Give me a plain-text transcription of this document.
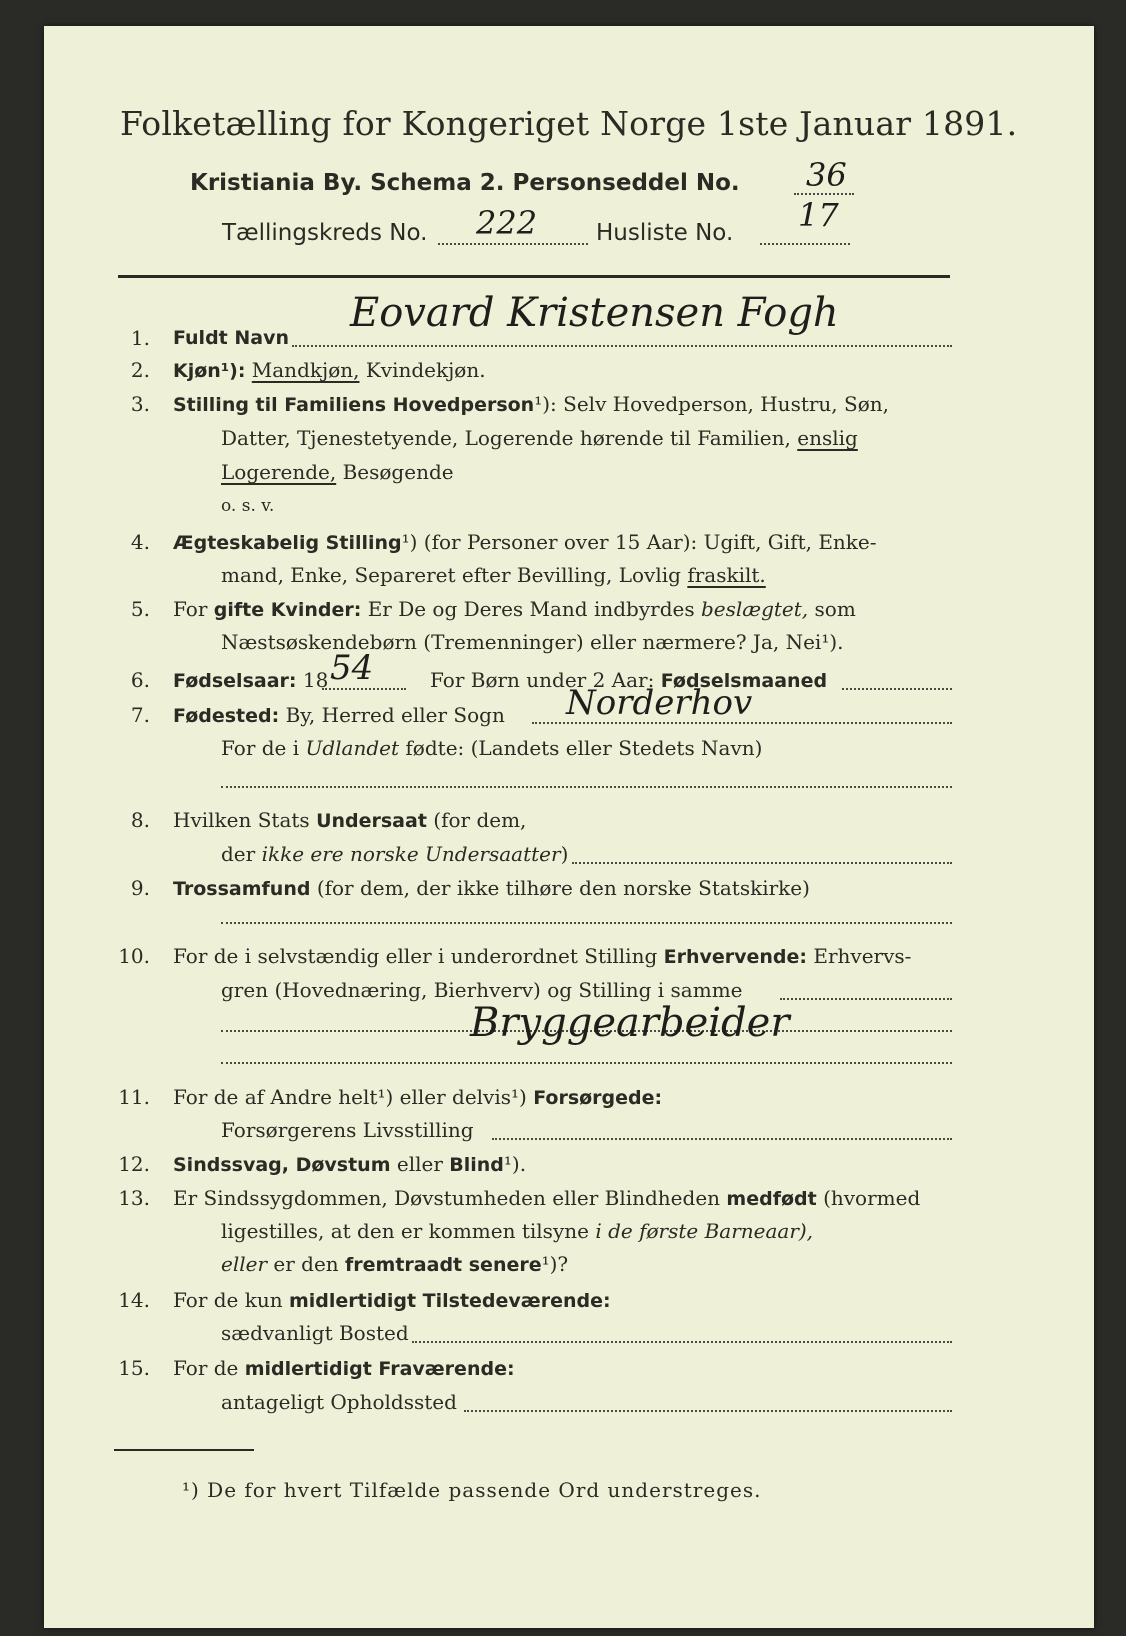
Folketælling for Kongeriget Norge 1ste Januar 1891.
Kristiania By. Schema 2. Personseddel No. 36
Tællingskreds No. 222	Husliste No. 17
1. Fuldt Navn
Eovard Kristensen Fogh
2. Kjøn¹): Mandkjøn, Kvindekjøn.
3. Stilling til Familiens Hovedperson¹): Selv Hovedperson, Hustru, Søn,
Datter, Tjenestetyende, Logerende hørende til Familien, enslig
Logerende, Besøgende
o. s. v.
4. Ægteskabelig Stilling¹) (for Personer over 15 Aar): Ugift, Gift, Enke-
mand, Enke, Separeret efter Bevilling, Lovlig fraskilt.
5. For gifte Kvinder: Er De og Deres Mand indbyrdes beslægtet, som
Næstsøskendebørn (Tremenninger) eller nærmere? Ja, Nei¹).
6. Fødselsaar: 18 54	For Børn under 2 Aar: Fødselsmaaned
7. Fødested: By, Herred eller Sogn Norderhov
For de i Udlandet fødte: (Landets eller Stedets Navn)
8. Hvilken Stats Undersaat (for dem,
der ikke ere norske Undersaatter)
9. Trossamfund (for dem, der ikke tilhøre den norske Statskirke)
10. For de i selvstændig eller i underordnet Stilling Erhvervende: Erhvervs-
gren (Hovednæring, Bierhverv) og Stilling i samme
Bryggearbeider
11. For de af Andre helt¹) eller delvis¹) Forsørgede:
Forsørgerens Livsstilling
12. Sindssvag, Døvstum eller Blind¹).
13. Er Sindssygdommen, Døvstumheden eller Blindheden medfødt (hvormed
ligestilles, at den er kommen tilsyne i de første Barneaar),
eller er den fremtraadt senere¹)?
14. For de kun midlertidigt Tilstedeværende:
sædvanligt Bosted
15. For de midlertidigt Fraværende:
antageligt Opholdssted
¹) De for hvert Tilfælde passende Ord understreges.
